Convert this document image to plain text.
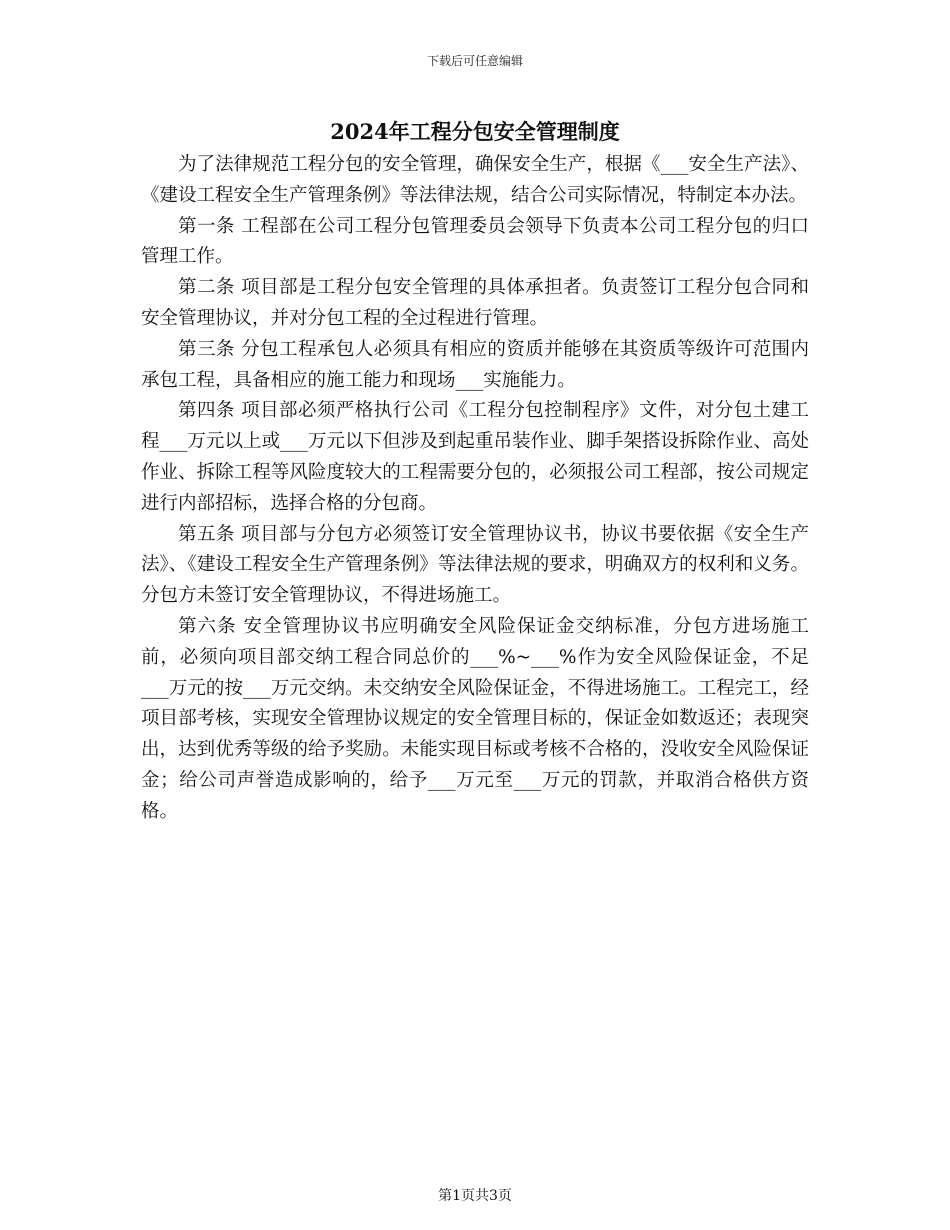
下载后可任意编辑
2024年工程分包安全管理制度

为了法律规范工程分包的安全管理，确保安全生产，根据《___安全生产法》、《建设工程安全生产管理条例》等法律法规，结合公司实际情况，特制定本办法。

第一条 工程部在公司工程分包管理委员会领导下负责本公司工程分包的归口管理工作。

第二条 项目部是工程分包安全管理的具体承担者。负责签订工程分包合同和安全管理协议，并对分包工程的全过程进行管理。

第三条 分包工程承包人必须具有相应的资质并能够在其资质等级许可范围内承包工程，具备相应的施工能力和现场___实施能力。

第四条 项目部必须严格执行公司《工程分包控制程序》文件，对分包土建工程___万元以上或___万元以下但涉及到起重吊装作业、脚手架搭设拆除作业、高处作业、拆除工程等风险度较大的工程需要分包的，必须报公司工程部，按公司规定进行内部招标，选择合格的分包商。

第五条 项目部与分包方必须签订安全管理协议书，协议书要依据《安全生产法》、《建设工程安全生产管理条例》等法律法规的要求，明确双方的权利和义务。分包方未签订安全管理协议，不得进场施工。

第六条 安全管理协议书应明确安全风险保证金交纳标准，分包方进场施工前，必须向项目部交纳工程合同总价的___%~___%作为安全风险保证金，不足___万元的按___万元交纳。未交纳安全风险保证金，不得进场施工。工程完工，经项目部考核，实现安全管理协议规定的安全管理目标的，保证金如数返还；表现突出，达到优秀等级的给予奖励。未能实现目标或考核不合格的，没收安全风险保证金；给公司声誉造成影响的，给予___万元至___万元的罚款，并取消合格供方资格。

第1页共3页
